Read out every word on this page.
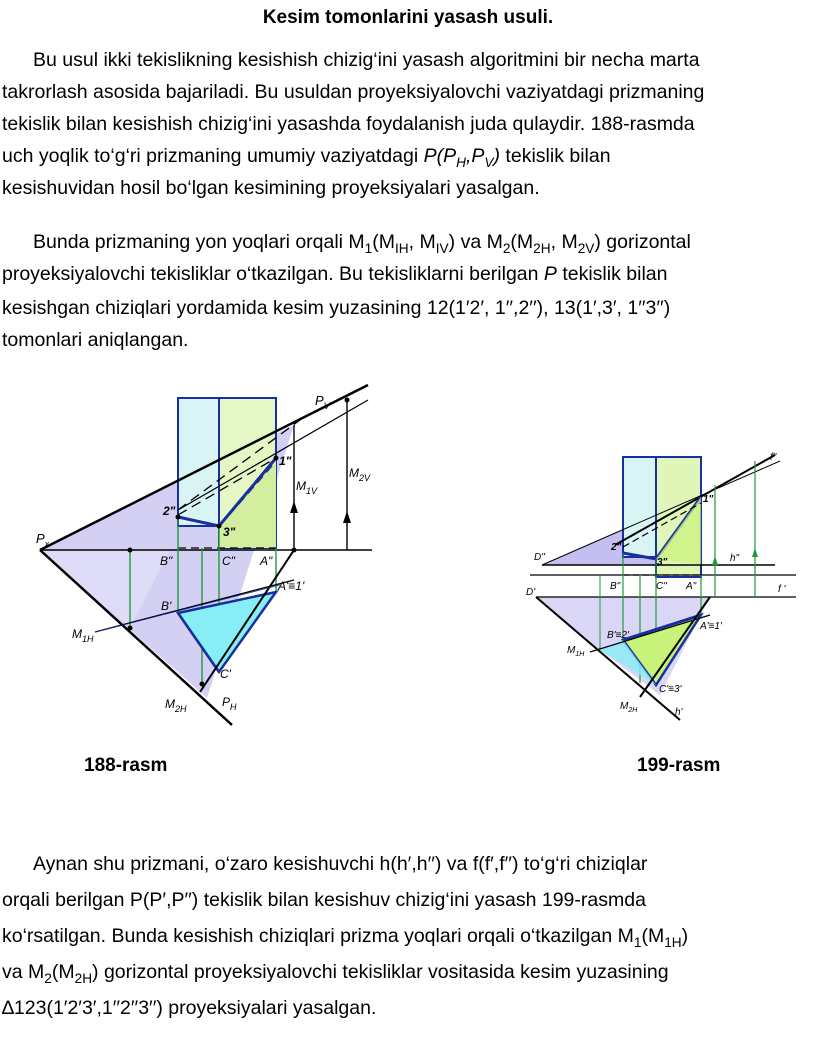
Kesim tomonlarini yasash usuli.
Bu usul ikki tekislikning kesishish chizig‘ini yasash algoritmini bir necha marta
takrorlash asosida bajariladi. Bu usuldan proyeksiyalovchi vaziyatdagi prizmaning
tekislik bilan kesishish chizig‘ini yasashda foydalanish juda qulaydir. 188-rasmda
uch yoqlik to‘g‘ri prizmaning umumiy vaziyatdagi $P(P_H,P_V)$ tekislik bilan
kesishuvidan hosil bo‘lgan kesimining proyeksiyalari yasalgan.
Bunda prizmaning yon yoqlari orqali $M_1(M_{IH}$, $M_{IV}$) va $M_2(M_{2H}$, $M_{2V}$) gorizontal
proyeksiyalovchi tekisliklar o‘tkazilgan. Bu tekisliklarni berilgan P tekislik bilan
kesishgan chiziqlari yordamida kesim yuzasining 12(1′2′, 1′′,2′′), 13(1′,3′, 1′′3′′)
tomonlari aniqlangan.
$P_V$
$P_x$
1"
2"
3"
B"	C" A"
$M_{1V}$
$M_{2V}$
B'
A'≡1'
C'
$M_{1H}$
$M_{2H}$	$P_H$
f"
1"
D"
2"
3"	h"
B"	C" A"
D'	f '
A'≡1'
B'≡2'
$M_{1H}$
C'≡3'
$M_{2H}$	h'
188-rasm	199-rasm
Aynan shu prizmani, o‘zaro kesishuvchi h(h′,h′′) va f(f′,f′′) to‘g‘ri chiziqlar
orqali berilgan P(P′,P′′) tekislik bilan kesishuv chizig‘ini yasash 199-rasmda
ko‘rsatilgan. Bunda kesishish chiziqlari prizma yoqlari orqali o‘tkazilgan $M_1(M_{1H})$
va $M_2(M_{2H})$ gorizontal proyeksiyalovchi tekisliklar vositasida kesim yuzasining
∆123(1′2′3′,1′′2′′3′′) proyeksiyalari yasalgan.
